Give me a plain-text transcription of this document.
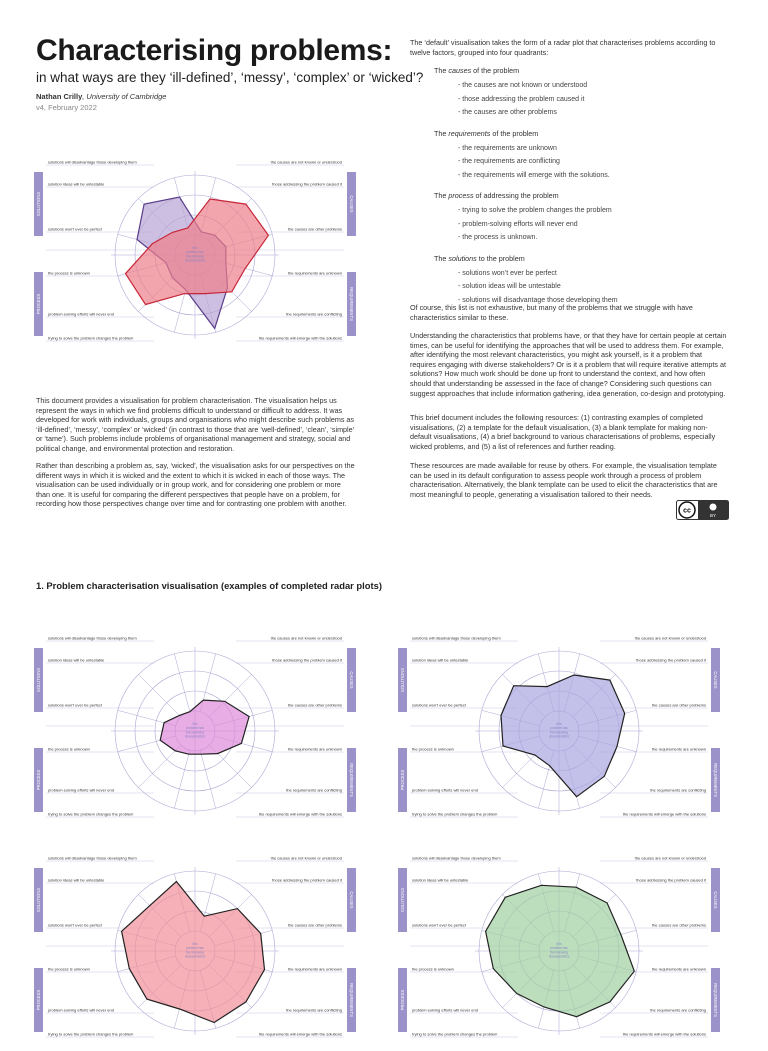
Characterising problems:
in what ways are they ‘ill-defined’, ‘messy’, ‘complex’ or ‘wicked’?
Nathan Crilly, University of Cambridge
v4, February 2022
The ‘default’ visualisation takes the form of a radar plot that characterises problems according to twelve factors, grouped into four quadrants:
The causes of the problem
- the causes are not known or understood
- those addressing the problem caused it
- the causes are other problems
The requirements of the problem
- the requirements are unknown
- the requirements are conflicting
- the requirements will emerge with the solutions.
The process of addressing the problem
- trying to solve the problem changes the problem
- problem-solving efforts will never end
- the process is unknown.
The solutions to the problem
- solutions won’t ever be perfect
- solution ideas will be untestable
- solutions will disadvantage those developing them
Of course, this list is not exhaustive, but many of the problems that we struggle with have characteristics similar to these.
Understanding the characteristics that problems have, or that they have for certain people at certain times, can be useful for identifying the approaches that will be used to address them. For example, after identifying the most relevant characteristics, you might ask yourself, is it a problem that requires engaging with diverse stakeholders? Or is it a problem that will require iterative attempts at solutions? How much work should be done up front to understand the context, and how often should that understanding be assessed in the face of change? Considering such questions can suggest approaches that include information gathering, idea generation, co-design and prototyping.
This brief document includes the following resources: (1) contrasting examples of completed visualisations, (2) a template for the default visualisation, (3) a blank template for making non-default visualisations, (4) a brief background to various characterisations of problems, especially wicked problems, and (5) a list of references and further reading.
These resources are made available for reuse by others. For example, the visualisation template can be used in its default configuration to assess people work through a process of problem characterisation. Alternatively, the blank template can be used to elicit the characteristics that are most meaningful to people, generating a visualisation tailored to their needs.
cc
BY
This document provides a visualisation for problem characterisation. The visualisation helps us represent the ways in which we find problems difficult to understand or difficult to address. It was developed for work with individuals, groups and organisations who might describe such problems as ‘ill-defined’, ‘messy’, ‘complex’ or ‘wicked’ (in contrast to those that are ‘well-defined’, ‘clean’, ‘simple’ or ‘tame’). Such problems include problems of organisational management and strategy, social and political change, and environmental protection and restoration.
Rather than describing a problem as, say, ‘wicked’, the visualisation asks for our perspectives on the different ways in which it is wicked and the extent to which it is wicked in each of those ways. The visualisation can be used individually or in group work, and for considering one problem or more than one. It is useful for comparing the different perspectives that people have on a problem, for recording how those perspectives change over time and for contrasting one problem with another.
1. Problem characterisation visualisation (examples of completed radar plots)
SOLUTIONS	CAUSES
PROCESS	REQUIREMENTS
solutions will disadvantage those developing them	the causes are not known or understood
solution ideas will be untestable	those addressing the problem caused it
solutions won't ever be perfect	the causes are other problems
the process is unknown	the requirements are unknown
problem-solving efforts will never end	the requirements are conflicting
trying to solve the problem changes the problem	the requirements will emerge with the solutions
this
problem has
the following
characteristics
SOLUTIONS	CAUSES
PROCESS	REQUIREMENTS
solutions will disadvantage those developing them	the causes are not known or understood
solution ideas will be untestable	those addressing the problem caused it
solutions won't ever be perfect	the causes are other problems
the process is unknown	the requirements are unknown
problem-solving efforts will never end	the requirements are conflicting
trying to solve the problem changes the problem	the requirements will emerge with the solutions
this
problem has
the following
characteristics
SOLUTIONS	CAUSES
PROCESS	REQUIREMENTS
solutions will disadvantage those developing them	the causes are not known or understood
solution ideas will be untestable	those addressing the problem caused it
solutions won't ever be perfect	the causes are other problems
the process is unknown	the requirements are unknown
problem-solving efforts will never end	the requirements are conflicting
trying to solve the problem changes the problem	the requirements will emerge with the solutions
this
problem has
the following
characteristics
SOLUTIONS	CAUSES
PROCESS	REQUIREMENTS
solutions will disadvantage those developing them	the causes are not known or understood
solution ideas will be untestable	those addressing the problem caused it
solutions won't ever be perfect	the causes are other problems
the process is unknown	the requirements are unknown
problem-solving efforts will never end	the requirements are conflicting
trying to solve the problem changes the problem	the requirements will emerge with the solutions
this
problem has
the following
characteristics
SOLUTIONS	CAUSES
PROCESS	REQUIREMENTS
solutions will disadvantage those developing them	the causes are not known or understood
solution ideas will be untestable	those addressing the problem caused it
solutions won't ever be perfect	the causes are other problems
the process is unknown	the requirements are unknown
problem-solving efforts will never end	the requirements are conflicting
trying to solve the problem changes the problem	the requirements will emerge with the solutions
this
problem has
the following
characteristics
